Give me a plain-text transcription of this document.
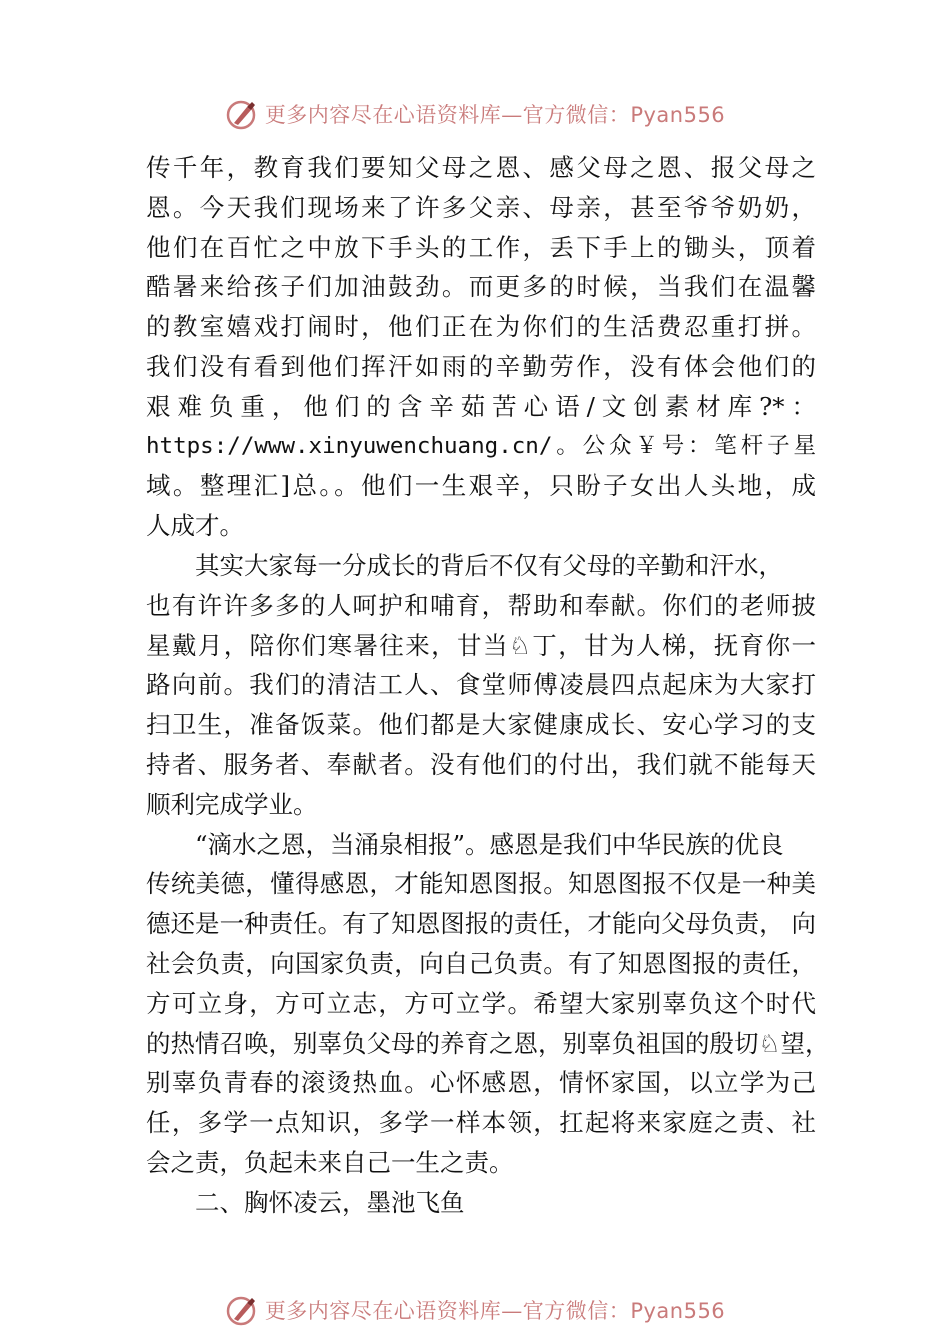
更多内容尽在心语资料库—官方微信：Pyan556
传千年，教育我们要知父母之恩、感父母之恩、报父母之
恩。今天我们现场来了许多父亲、母亲，甚至爷爷奶奶，
他们在百忙之中放下手头的工作，丢下手上的锄头，顶着
酷暑来给孩子们加油鼓劲。而更多的时候，当我们在温馨
的教室嬉戏打闹时，他们正在为你们的生活费忍重打拼。
我们没有看到他们挥汗如雨的辛勤劳作，没有体会他们的
艰难负重，他们的含辛茹苦心语/文创素材库?*：
https://www.xinyuwenchuang.cn/。公众￥号：笔杆子星
域。整理汇]总。。他们一生艰辛，只盼子女出人头地，成
人成才。
其实大家每一分成长的背后不仅有父母的辛勤和汗水，
也有许许多多的人呵护和哺育，帮助和奉献。你们的老师披
星戴月，陪你们寒暑往来，甘当♘丁，甘为人梯，抚育你一
路向前。我们的清洁工人、食堂师傅凌晨四点起床为大家打
扫卫生，准备饭菜。他们都是大家健康成长、安心学习的支
持者、服务者、奉献者。没有他们的付出，我们就不能每天
顺利完成学业。
“滴水之恩，当涌泉相报”。感恩是我们中华民族的优良
传统美德，懂得感恩，才能知恩图报。知恩图报不仅是一种美
德还是一种责任。有了知恩图报的责任，才能向父母负责， 向
社会负责，向国家负责，向自己负责。有了知恩图报的责任，
方可立身，方可立志，方可立学。希望大家别辜负这个时代
的热情召唤，别辜负父母的养育之恩，别辜负祖国的殷切♘望，
别辜负青春的滚烫热血。心怀感恩，情怀家国，以立学为己
任，多学一点知识，多学一样本领，扛起将来家庭之责、社
会之责，负起未来自己一生之责。
二、胸怀凌云，墨池飞鱼
更多内容尽在心语资料库—官方微信：Pyan556
